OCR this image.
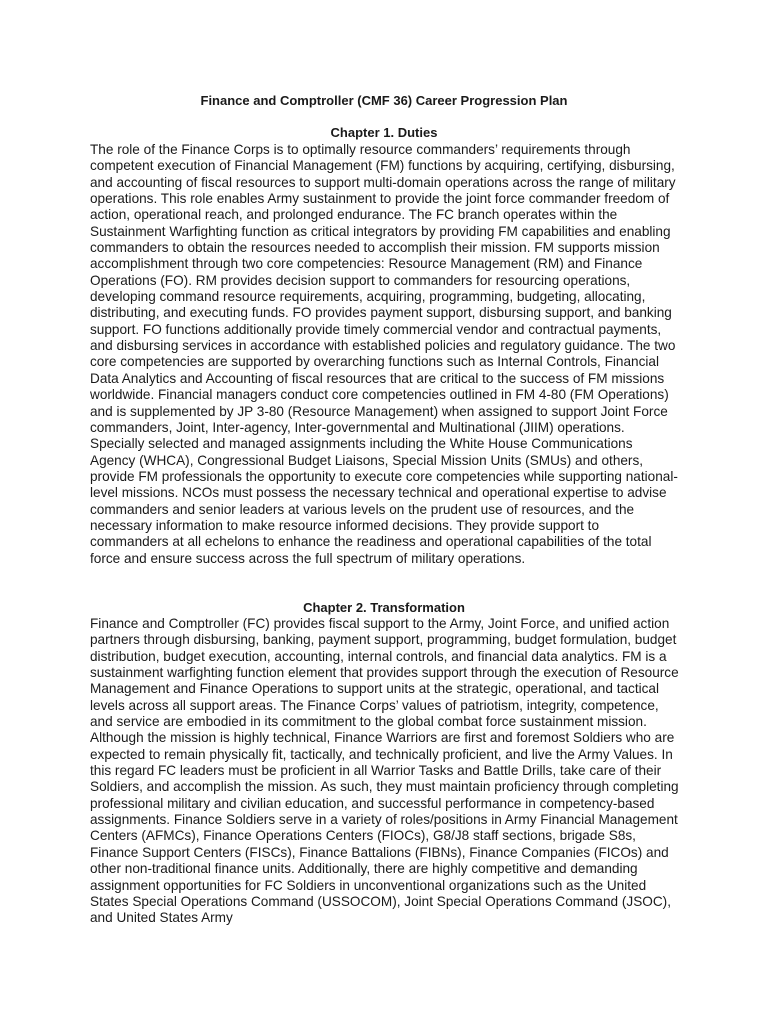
Finance and Comptroller (CMF 36) Career Progression Plan
Chapter 1. Duties

The role of the Finance Corps is to optimally resource commanders’ requirements through competent execution of Financial Management (FM) functions by acquiring, certifying, disbursing, and accounting of fiscal resources to support multi-domain operations across the range of military operations. This role enables Army sustainment to provide the joint force commander freedom of action, operational reach, and prolonged endurance. The FC branch operates within the Sustainment Warfighting function as critical integrators by providing FM capabilities and enabling commanders to obtain the resources needed to accomplish their mission. FM supports mission accomplishment through two core competencies: Resource Management (RM) and Finance Operations (FO). RM provides decision support to commanders for resourcing operations, developing command resource requirements, acquiring, programming, budgeting, allocating, distributing, and executing funds. FO provides payment support, disbursing support, and banking support. FO functions additionally provide timely commercial vendor and contractual payments, and disbursing services in accordance with established policies and regulatory guidance. The two core competencies are supported by overarching functions such as Internal Controls, Financial Data Analytics and Accounting of fiscal resources that are critical to the success of FM missions worldwide. Financial managers conduct core competencies outlined in FM 4-80 (FM Operations) and is supplemented by JP 3-80 (Resource Management) when assigned to support Joint Force commanders, Joint, Inter-agency, Inter-governmental and Multinational (JIIM) operations. Specially selected and managed assignments including the White House Communications Agency (WHCA), Congressional Budget Liaisons, Special Mission Units (SMUs) and others, provide FM professionals the opportunity to execute core competencies while supporting national-level missions. NCOs must possess the necessary technical and operational expertise to advise commanders and senior leaders at various levels on the prudent use of resources, and the necessary information to make resource informed decisions. They provide support to commanders at all echelons to enhance the readiness and operational capabilities of the total force and ensure success across the full spectrum of military operations.

Chapter 2. Transformation

Finance and Comptroller (FC) provides fiscal support to the Army, Joint Force, and unified action partners through disbursing, banking, payment support, programming, budget formulation, budget distribution, budget execution, accounting, internal controls, and financial data analytics. FM is a sustainment warfighting function element that provides support through the execution of Resource Management and Finance Operations to support units at the strategic, operational, and tactical levels across all support areas. The Finance Corps’ values of patriotism, integrity, competence, and service are embodied in its commitment to the global combat force sustainment mission. Although the mission is highly technical, Finance Warriors are first and foremost Soldiers who are expected to remain physically fit, tactically, and technically proficient, and live the Army Values. In this regard FC leaders must be proficient in all Warrior Tasks and Battle Drills, take care of their Soldiers, and accomplish the mission. As such, they must maintain proficiency through completing professional military and civilian education, and successful performance in competency-based assignments. Finance Soldiers serve in a variety of roles/positions in Army Financial Management Centers (AFMCs), Finance Operations Centers (FIOCs), G8/J8 staff sections, brigade S8s, Finance Support Centers (FISCs), Finance Battalions (FIBNs), Finance Companies (FICOs) and other non-traditional finance units. Additionally, there are highly competitive and demanding assignment opportunities for FC Soldiers in unconventional organizations such as the United States Special Operations Command (USSOCOM), Joint Special Operations Command (JSOC), and United States Army
